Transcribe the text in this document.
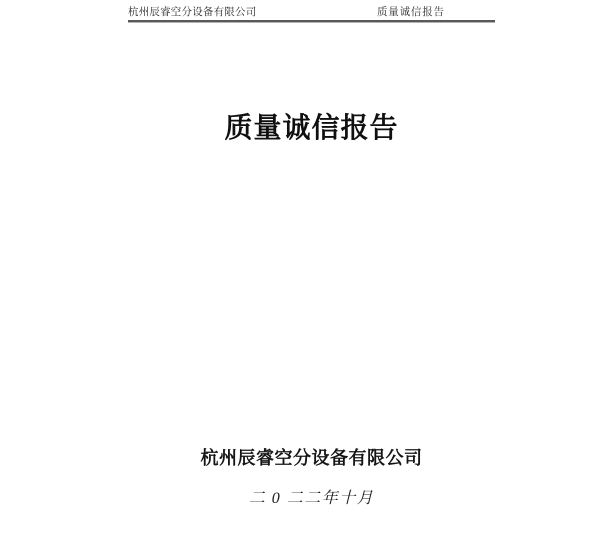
杭州辰睿空分设备有限公司	质量诚信报告
质量诚信报告
杭州辰睿空分设备有限公司
二 0 二二年十月
